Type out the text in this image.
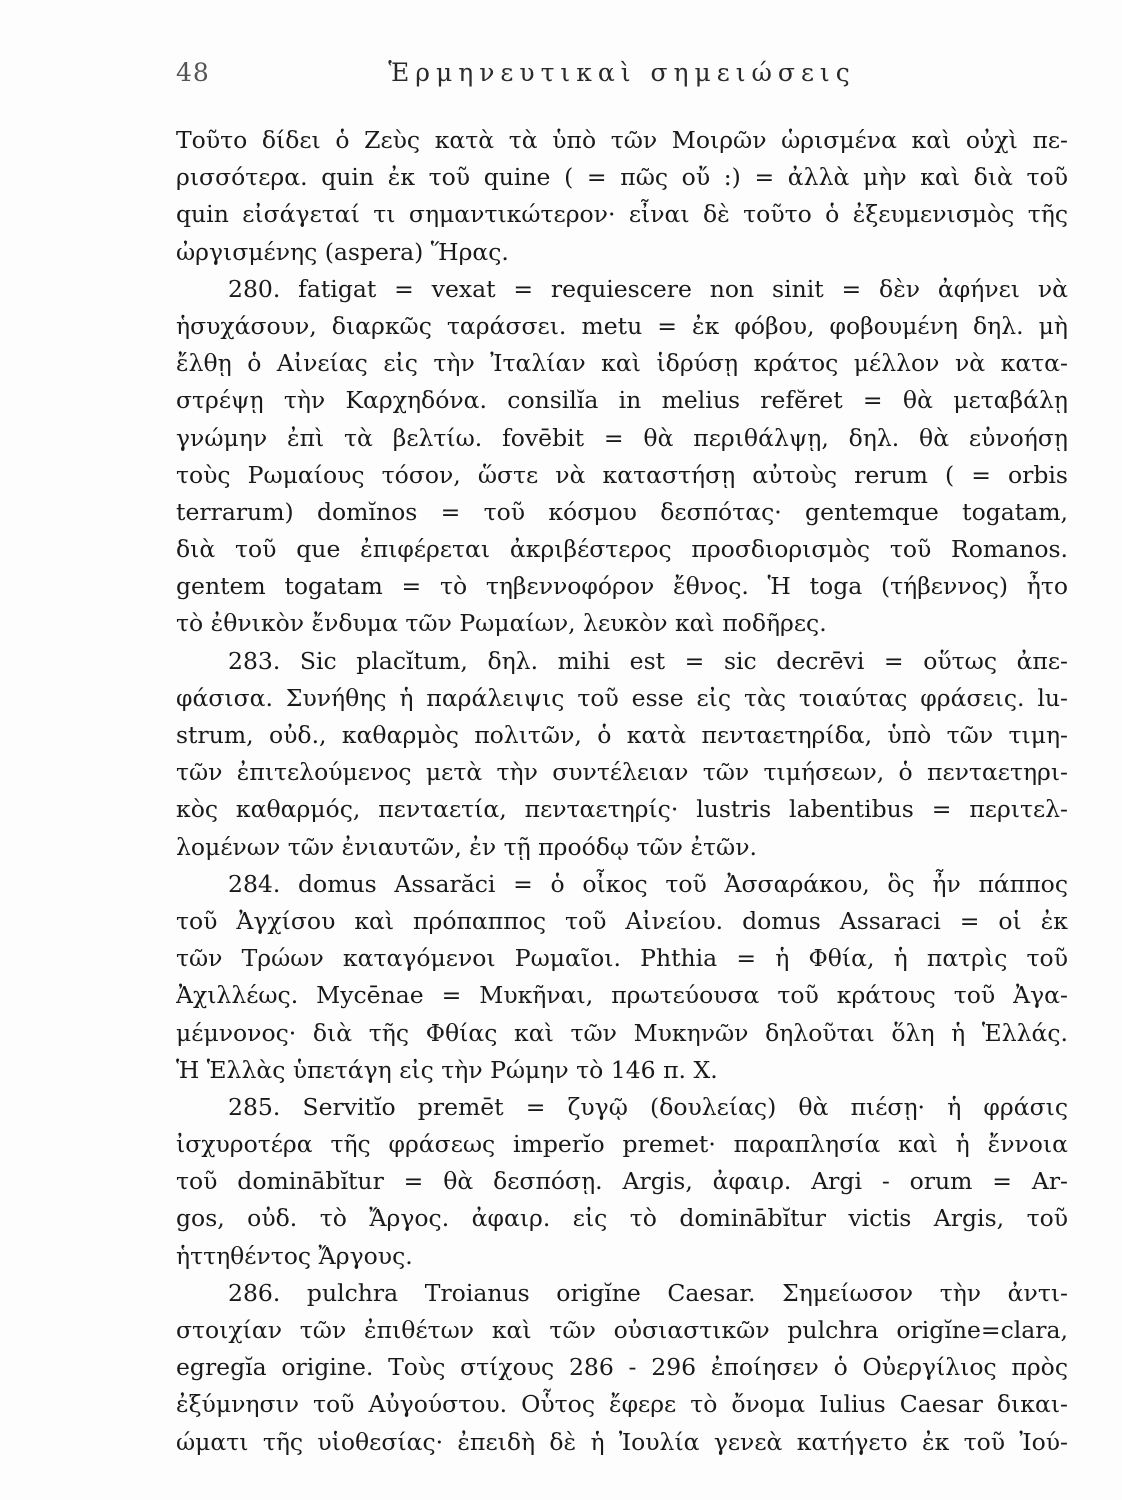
48	Ἑρμηνευτικαὶ σημειώσεις
Τοῦτο δίδει ὁ Ζεὺς κατὰ τὰ ὑπὸ τῶν Μοιρῶν ὡρισμένα καὶ οὐχὶ πε-
ρισσότερα. quin ἐκ τοῦ quine ( = πῶς οὔ :) = ἀλλὰ μὴν καὶ διὰ τοῦ
quin εἰσάγεταί τι σημαντικώτερον· εἶναι δὲ τοῦτο ὁ ἐξευμενισμὸς τῆς
ὠργισμένης (aspera) Ἥρας.
280. fatigat = vexat = requiescere non sinit = δὲν ἀφήνει νὰ
ἡσυχάσουν, διαρκῶς ταράσσει. metu = ἐκ φόβου, φοβουμένη δηλ. μὴ
ἔλθῃ ὁ Αἰνείας εἰς τὴν Ἰταλίαν καὶ ἱδρύσῃ κράτος μέλλον νὰ κατα-
στρέψῃ τὴν Καρχηδόνα. consilĭa in melius refĕret = θὰ μεταβάλῃ
γνώμην ἐπὶ τὰ βελτίω. fovēbit = θὰ περιθάλψῃ, δηλ. θὰ εὐνοήσῃ
τοὺς Ρωμαίους τόσον, ὥστε νὰ καταστήσῃ αὐτοὺς rerum ( = orbis
terrarum) domĭnos = τοῦ κόσμου δεσπότας· gentemque togatam,
διὰ τοῦ que ἐπιφέρεται ἀκριβέστερος προσδιορισμὸς τοῦ Romanos.
gentem togatam = τὸ τηβεννοφόρον ἔθνος. Ἡ toga (τήβεννος) ἦτο
τὸ ἐθνικὸν ἔνδυμα τῶν Ρωμαίων, λευκὸν καὶ ποδῆρες.
283. Sic placĭtum, δηλ. mihi est = sic decrēvi = οὕτως ἀπε-
φάσισα. Συνήθης ἡ παράλειψις τοῦ esse εἰς τὰς τοιαύτας φράσεις. lu-
strum, οὐδ., καθαρμὸς πολιτῶν, ὁ κατὰ πενταετηρίδα, ὑπὸ τῶν τιμη-
τῶν ἐπιτελούμενος μετὰ τὴν συντέλειαν τῶν τιμήσεων, ὁ πενταετηρι-
κὸς καθαρμός, πενταετία, πενταετηρίς· lustris labentibus = περιτελ-
λομένων τῶν ἐνιαυτῶν, ἐν τῇ προόδῳ τῶν ἐτῶν.
284. domus Assarăci = ὁ οἶκος τοῦ Ἀσσαράκου, ὃς ἦν πάππος
τοῦ Ἀγχίσου καὶ πρόπαππος τοῦ Αἰνείου. domus Assaraci = οἱ ἐκ
τῶν Τρώων καταγόμενοι Ρωμαῖοι. Phthia = ἡ Φθία, ἡ πατρὶς τοῦ
Ἀχιλλέως. Mycēnae = Μυκῆναι, πρωτεύουσα τοῦ κράτους τοῦ Ἀγα-
μέμνονος· διὰ τῆς Φθίας καὶ τῶν Μυκηνῶν δηλοῦται ὅλη ἡ Ἑλλάς.
Ἡ Ἑλλὰς ὑπετάγη εἰς τὴν Ρώμην τὸ 146 π. Χ.
285. Servitĭo premēt = ζυγῷ (δουλείας) θὰ πιέσῃ· ἡ φράσις
ἰσχυροτέρα τῆς φράσεως imperĭo premet· παραπλησία καὶ ἡ ἔννοια
τοῦ dominābĭtur = θὰ δεσπόσῃ. Argis, ἀφαιρ. Argi - orum = Ar-
gos, οὐδ. τὸ Ἄργος. ἀφαιρ. εἰς τὸ dominābĭtur victis Argis, τοῦ
ἡττηθέντος Ἄργους.
286. pulchra Troianus origĭne Caesar. Σημείωσον τὴν ἀντι-
στοιχίαν τῶν ἐπιθέτων καὶ τῶν οὐσιαστικῶν pulchra origĭne=clara,
egregĭa origine. Τοὺς στίχους 286 - 296 ἐποίησεν ὁ Οὐεργίλιος πρὸς
ἐξύμνησιν τοῦ Αὐγούστου. Οὗτος ἔφερε τὸ ὄνομα Iulius Caesar δικαι-
ώματι τῆς υἱοθεσίας· ἐπειδὴ δὲ ἡ Ἰουλία γενεὰ κατήγετο ἐκ τοῦ Ἰού-
